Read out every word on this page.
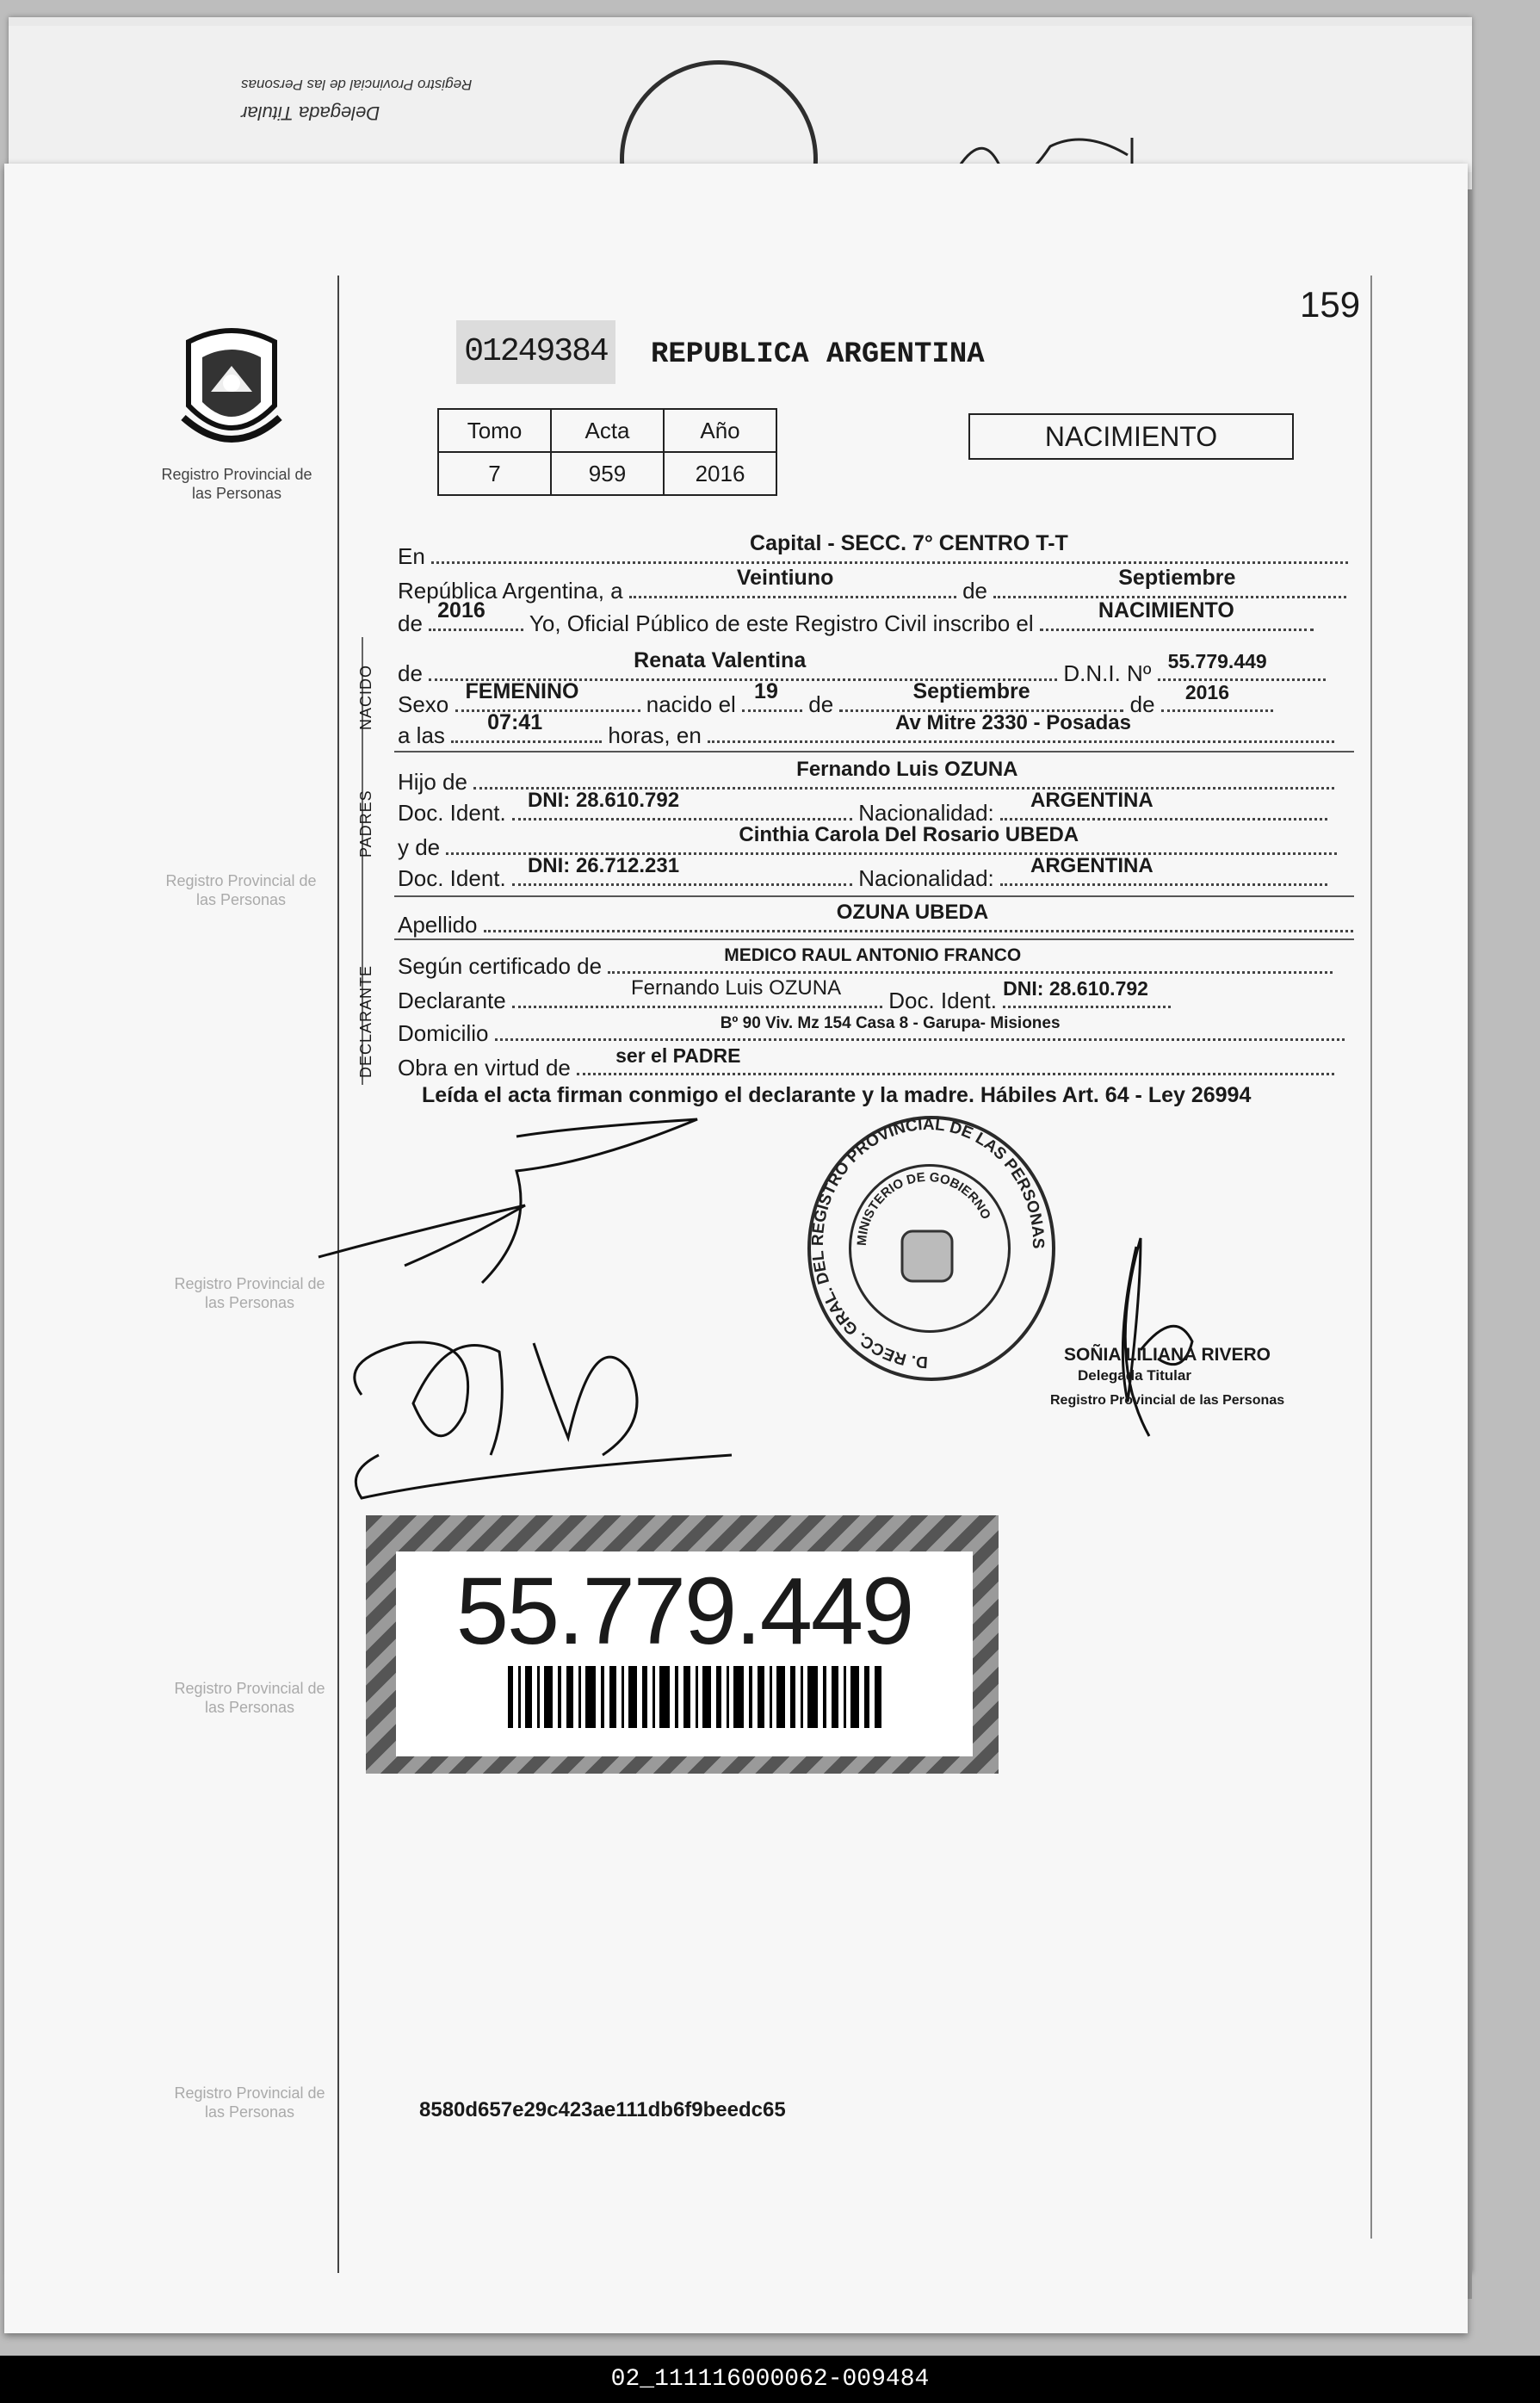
Delegada Titular
Registro Provincial de las Personas
Registro Provincial de las Personas
Registro Provincial de las Personas
Registro Provincial de las Personas
Registro Provincial de las Personas
Registro Provincial de las Personas
159
01249384 REPUBLICA ARGENTINA
Tomo	Acta	Año
7	959	2016
NACIMIENTO
NACIDO
PADRES
DECLARANTE
En	Capital - SECC. 7° CENTRO T-T
República Argentina, a	Veintiuno	de	Septiembre
de 2016 Yo, Oficial Público de este Registro Civil inscribo el	NACIMIENTO
de	Renata Valentina	D.N.I. Nº 55.779.449
Sexo FEMENINO	nacido el 19 de	Septiembre	de 2016
a las 07:41	horas, en	Av Mitre 2330 - Posadas
Hijo de	Fernando Luis OZUNA
Doc. Ident. DNI: 28.610.792	Nacionalidad: ARGENTINA
y de	Cinthia Carola Del Rosario UBEDA
Doc. Ident. DNI: 26.712.231	Nacionalidad: ARGENTINA
Apellido	OZUNA UBEDA
Según certificado de	MEDICO RAUL ANTONIO FRANCO
Declarante	Fernando Luis OZUNA Doc. Ident. DNI: 28.610.792
Domicilio	Bº 90 Viv. Mz 154 Casa 8 - Garupa- Misiones
Obra en virtud de ser el PADRE
Leída el acta firman conmigo el declarante y la madre. Hábiles Art. 64 - Ley 26994
D. RECC. GRAL. DEL REGISTRO PROVINCIAL DE LAS PERSONAS
MINISTERIO DE GOBIERNO
SOÑIA LILIANA RIVERO
Delegada Titular
Registro Provincial de las Personas
55.779.449
8580d657e29c423ae111db6f9beedc65
02_111116000062-009484
